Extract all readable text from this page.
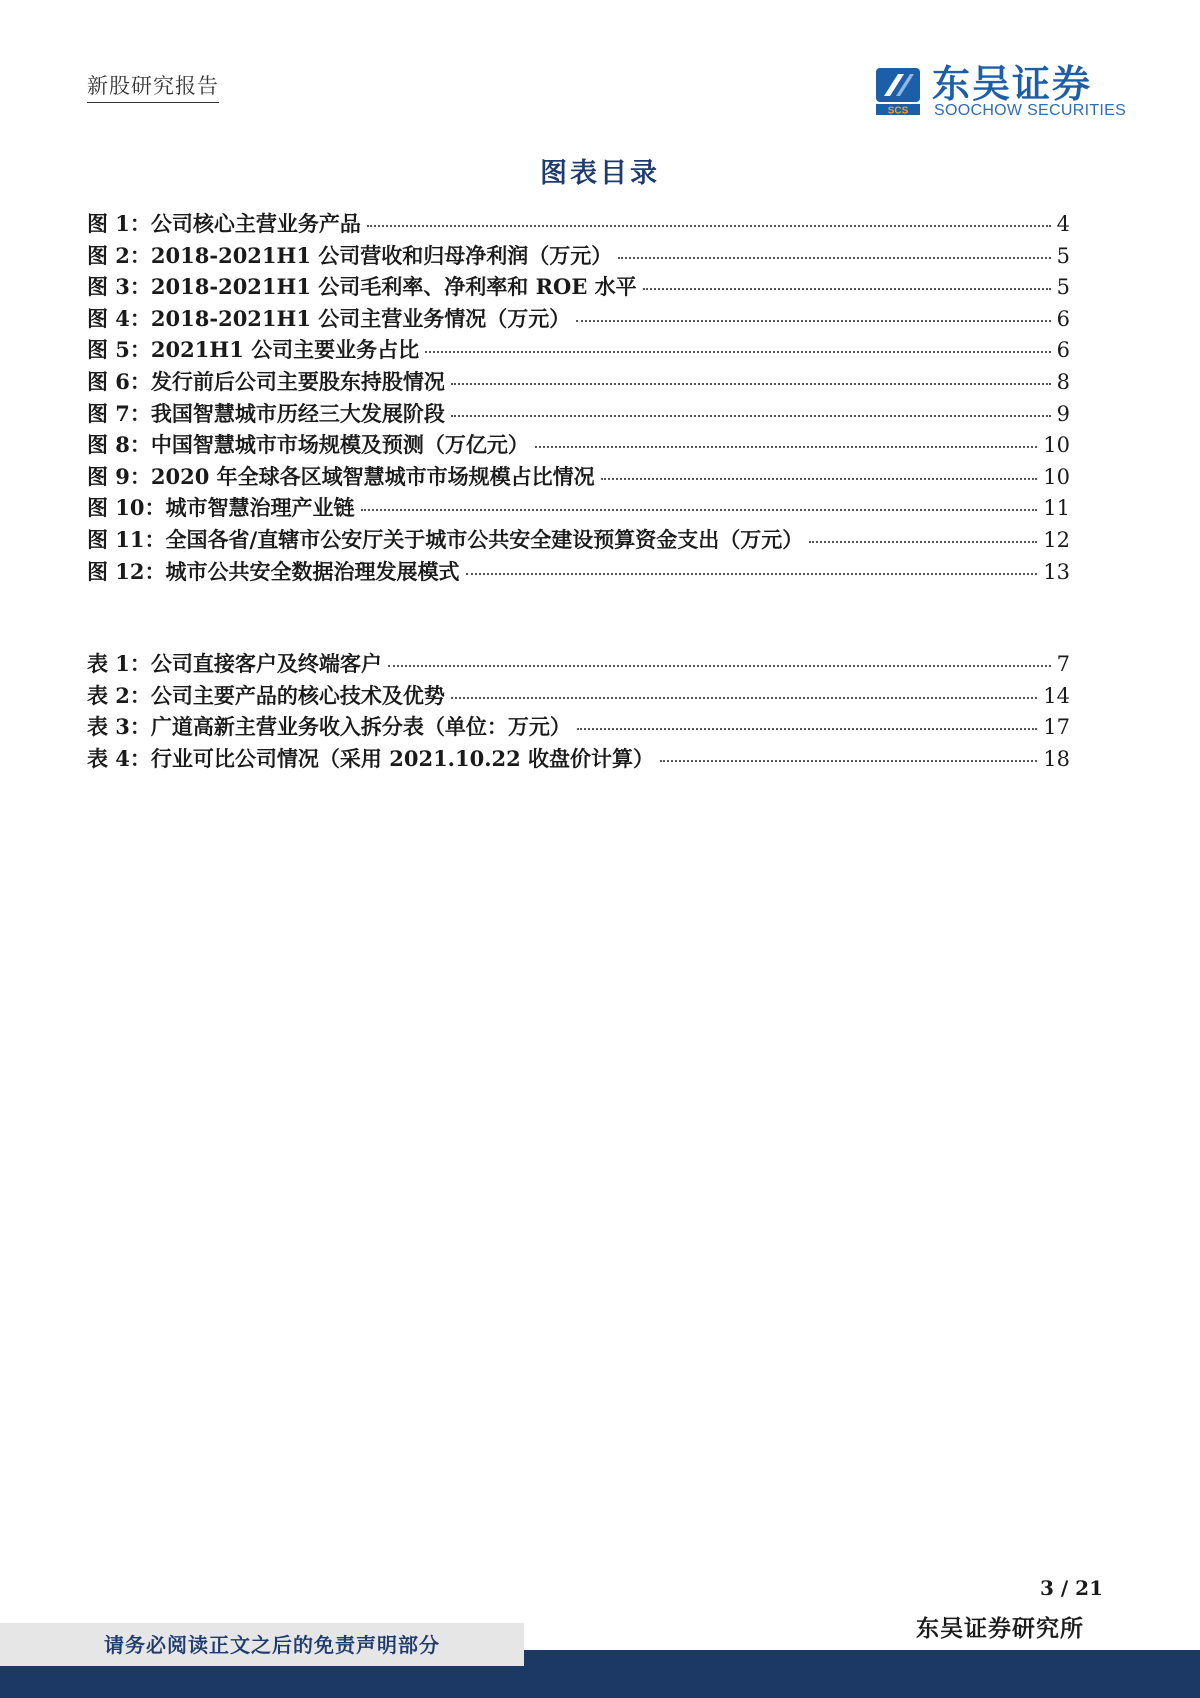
新股研究报告
SCS
东吴证券
SOOCHOW SECURITIES
图表目录
图 1：公司核心主营业务产品	4
图 2：2018-2021H1 公司营收和归母净利润（万元）	5
图 3：2018-2021H1 公司毛利率、净利率和 ROE 水平	5
图 4：2018-2021H1 公司主营业务情况（万元）	6
图 5：2021H1 公司主要业务占比	6
图 6：发行前后公司主要股东持股情况	8
图 7：我国智慧城市历经三大发展阶段	9
图 8：中国智慧城市市场规模及预测（万亿元）	10
图 9：2020 年全球各区域智慧城市市场规模占比情况	10
图 10：城市智慧治理产业链	11
图 11：全国各省/直辖市公安厅关于城市公共安全建设预算资金支出（万元）	12
图 12：城市公共安全数据治理发展模式	13
表 1：公司直接客户及终端客户	7
表 2：公司主要产品的核心技术及优势	14
表 3：广道高新主营业务收入拆分表（单位：万元）	17
表 4：行业可比公司情况（采用 2021.10.22 收盘价计算）	18
3 / 21
东吴证券研究所
请务必阅读正文之后的免责声明部分
